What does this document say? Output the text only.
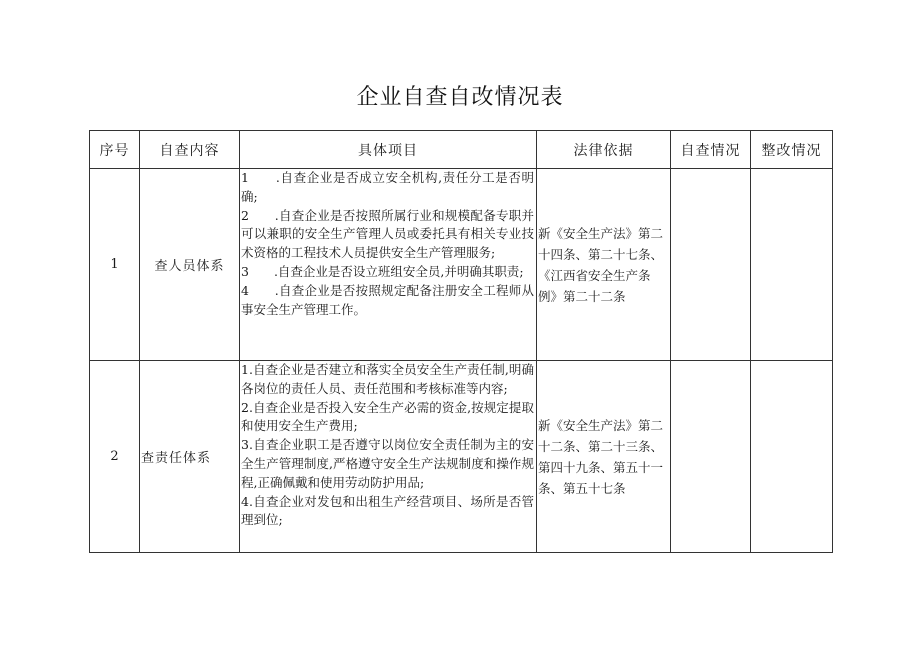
企业自查自改情况表
序号	自查内容	具体项目	法律依据	自查情况	整改情况
1	查人员体系	1　　.自查企业是否成立安全机构,责任分工是否明确;
2　　.自查企业是否按照所属行业和规模配备专职并可以兼职的安全生产管理人员或委托具有相关专业技术资格的工程技术人员提供安全生产管理服务;
3　　.自查企业是否设立班组安全员,并明确其职责;
4　　.自查企业是否按照规定配备注册安全工程师从事安全生产管理工作。	新《安全生产法》第二十四条、第二十七条、《江西省安全生产条例》第二十二条		
2	查责任体系	1.自查企业是否建立和落实全员安全生产责任制,明确各岗位的责任人员、责任范围和考核标准等内容;
2.自查企业是否投入安全生产必需的资金,按规定提取和使用安全生产费用;
3.自查企业职工是否遵守以岗位安全责任制为主的安全生产管理制度,严格遵守安全生产法规制度和操作规程,正确佩戴和使用劳动防护用品;
4.自查企业对发包和出租生产经营项目、场所是否管理到位;	新《安全生产法》第二十二条、第二十三条、第四十九条、第五十一条、第五十七条		
